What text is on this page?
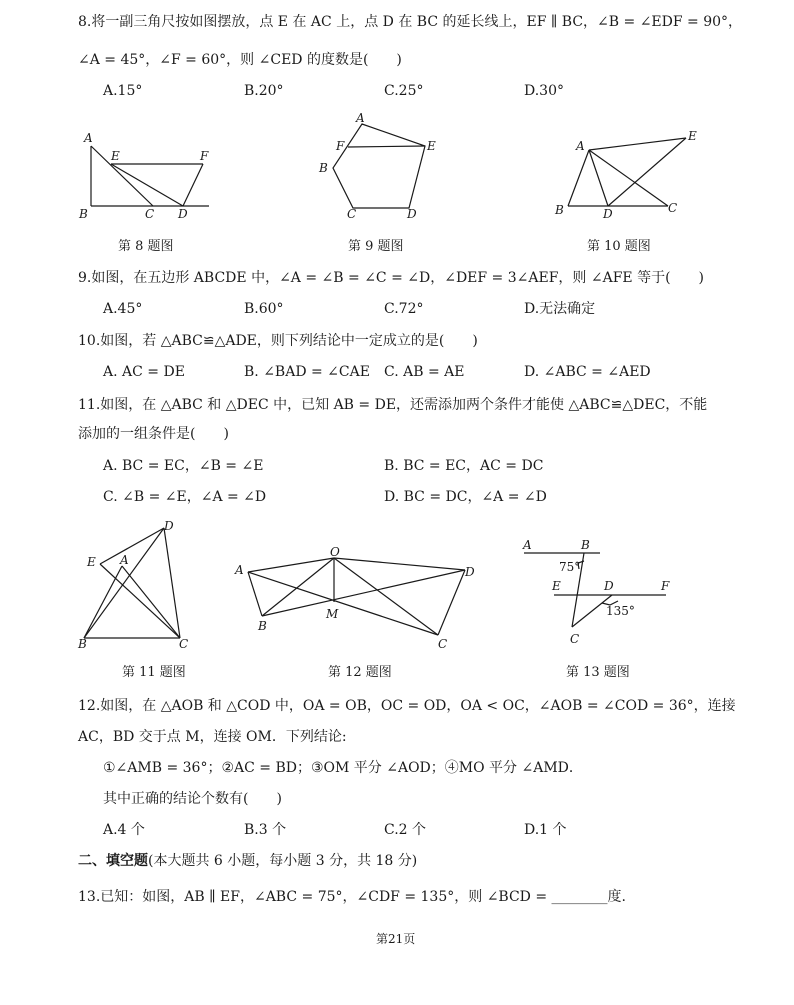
8.将一副三角尺按如图摆放，点 E 在 AC 上，点 D 在 BC 的延长线上，EF ∥ BC，∠B = ∠EDF = 90°，
∠A = 45°，∠F = 60°，则 ∠CED 的度数是(　　)
A.15°	B.20°	C.25°	D.30°
A
E	F
B	C D
A
F	E
B
C	D
A
E
B	D	C
第 8 题图	第 9 题图	第 10 题图
9.如图，在五边形 ABCDE 中，∠A = ∠B = ∠C = ∠D，∠DEF = 3∠AEF，则 ∠AFE 等于(　　)
A.45°	B.60°	C.72°	D.无法确定
10.如图，若 △ABC≌△ADE，则下列结论中一定成立的是(　　)
A. AC = DE	B. ∠BAD = ∠CAE C. AB = AE	D. ∠ABC = ∠AED
11.如图，在 △ABC 和 △DEC 中，已知 AB = DE，还需添加两个条件才能使 △ABC≌△DEC，不能
添加的一组条件是(　　)
A. BC = EC，∠B = ∠E	B. BC = EC，AC = DC
C. ∠B = ∠E，∠A = ∠D	D. BC = DC，∠A = ∠D
D
E A
B	C
O
A	D
M
B
C
A	B
75°
E	D	F
135°
C
第 11 题图	第 12 题图	第 13 题图
12.如图，在 △AOB 和 △COD 中，OA = OB，OC = OD，OA < OC，∠AOB = ∠COD = 36°，连接
AC，BD 交于点 M，连接 OM．下列结论:
①∠AMB = 36°；②AC = BD；③OM 平分 ∠AOD；④MO 平分 ∠AMD．
其中正确的结论个数有(　　)
A.4 个	B.3 个	C.2 个	D.1 个
二、填空题(本大题共 6 小题，每小题 3 分，共 18 分)
13.已知：如图，AB ∥ EF，∠ABC = 75°，∠CDF = 135°，则 ∠BCD = ________度.
第21页
